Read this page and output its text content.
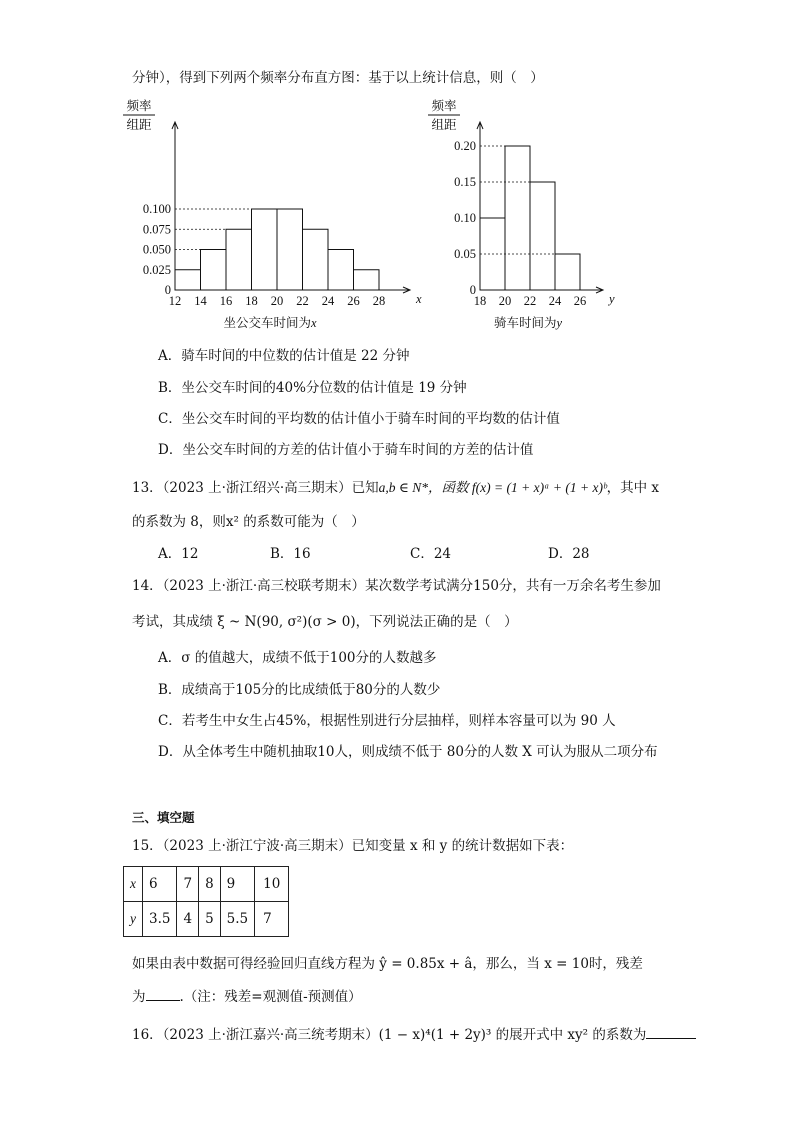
分钟），得到下列两个频率分布直方图：基于以上统计信息，则（　）
频率
组距
0
0.025
0.050
0.075
0.100
12 14 16 18 20 22 24 26 28 x
坐公交车时间为x
频率
组距
0
0.05
0.10
0.15
0.20
18 20 22 24 26 y
骑车时间为y
A．骑车时间的中位数的估计值是 22 分钟
B．坐公交车时间的40%分位数的估计值是 19 分钟
C．坐公交车时间的平均数的估计值小于骑车时间的平均数的估计值
D．坐公交车时间的方差的估计值小于骑车时间的方差的估计值
13．（2023 上·浙江绍兴·高三期末）已知a,b ∈ N*，函数 f(x) = (1 + x)ᵃ + (1 + x)ᵇ，其中 x
的系数为 8，则x² 的系数可能为（　）
A．12	B．16	C．24	D．28
14．（2023 上·浙江·高三校联考期末）某次数学考试满分150分，共有一万余名考生参加
考试，其成绩 ξ ~ N(90, σ²)(σ > 0)，下列说法正确的是（　）
A．σ 的值越大，成绩不低于100分的人数越多
B．成绩高于105分的比成绩低于80分的人数少
C．若考生中女生占45%，根据性别进行分层抽样，则样本容量可以为 90 人
D．从全体考生中随机抽取10人，则成绩不低于 80分的人数 X 可认为服从二项分布
三、填空题
15．（2023 上·浙江宁波·高三期末）已知变量 x 和 y 的统计数据如下表：
x	6	7	8	9	10
y	3.5	4	5	5.5	7
如果由表中数据可得经验回归直线方程为 ŷ = 0.85x + â，那么，当 x = 10时，残差
为	.（注：残差=观测值-预测值）
16．（2023 上·浙江嘉兴·高三统考期末）(1 − x)⁴(1 + 2y)³ 的展开式中 xy² 的系数为
